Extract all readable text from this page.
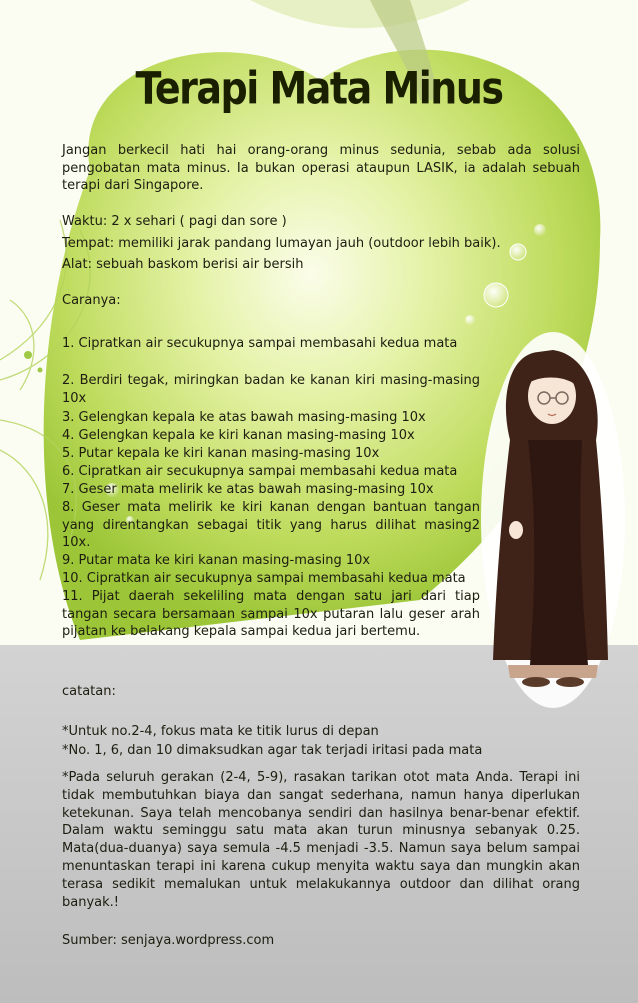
Terapi Mata Minus

Jangan berkecil hati hai orang-orang minus sedunia, sebab ada solusi pengobatan mata minus. Ia bukan operasi ataupun LASIK, ia adalah sebuah terapi dari Singapore.

Waktu: 2 x sehari ( pagi dan sore )
Tempat: memiliki jarak pandang lumayan jauh (outdoor lebih baik).
Alat: sebuah baskom berisi air bersih
Caranya:
1. Cipratkan air secukupnya sampai membasahi kedua mata

2. Berdiri tegak, miringkan badan ke kanan kiri masing-masing 10x

3. Gelengkan kepala ke atas bawah masing-masing 10x
4. Gelengkan kepala ke kiri kanan masing-masing 10x
5. Putar kepala ke kiri kanan masing-masing 10x
6. Cipratkan air secukupnya sampai membasahi kedua mata
7. Geser mata melirik ke atas bawah masing-masing 10x

8. Geser mata melirik ke kiri kanan dengan bantuan tangan yang direntangkan sebagai titik yang harus dilihat masing2 10x.

9. Putar mata ke kiri kanan masing-masing 10x
10. Cipratkan air secukupnya sampai membasahi kedua mata

11. Pijat daerah sekeliling mata dengan satu jari dari tiap tangan secara bersamaan sampai 10x putaran lalu geser arah pijatan ke belakang kepala sampai kedua jari bertemu.

catatan:
*Untuk no.2-4, fokus mata ke titik lurus di depan
*No. 1, 6, dan 10 dimaksudkan agar tak terjadi iritasi pada mata

*Pada seluruh gerakan (2-4, 5-9), rasakan tarikan otot mata Anda. Terapi ini tidak membutuhkan biaya dan sangat sederhana, namun hanya diperlukan ketekunan. Saya telah mencobanya sendiri dan hasilnya benar-benar efektif. Dalam waktu seminggu satu mata akan turun minusnya sebanyak 0.25. Mata(dua-duanya) saya semula -4.5 menjadi -3.5. Namun saya belum sampai menuntaskan terapi ini karena cukup menyita waktu saya dan mungkin akan terasa sedikit memalukan untuk melakukannya outdoor dan dilihat orang banyak.!

Sumber: senjaya.wordpress.com
